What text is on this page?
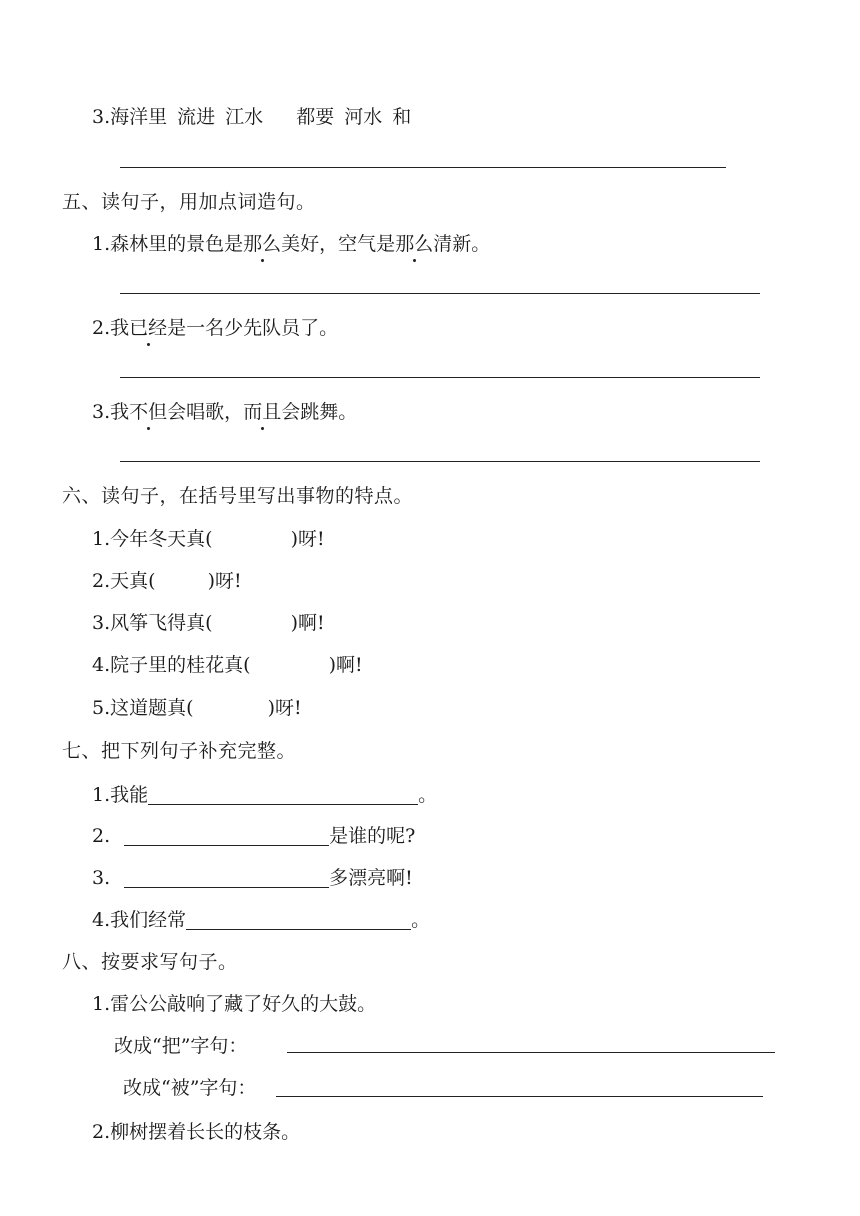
3.海洋里 流进 江水 都要 河水 和
五、读句子，用加点词造句。
1.森林里的景色是那么美好，空气是那么清新。
2.我已经是一名少先队员了。
3.我不但会唱歌，而且会跳舞。
六、读句子，在括号里写出事物的特点。
1.今年冬天真(	)呀!
2.天真(	)呀!
3.风筝飞得真(	)啊!
4.院子里的桂花真(	)啊!
5.这道题真(	)呀!
七、把下列句子补充完整。
1.我能	。
2.	是谁的呢?
3.	多漂亮啊!
4.我们经常	。
八、按要求写句子。
1.雷公公敲响了藏了好久的大鼓。
改成“把”字句：
改成“被”字句：
2.柳树摆着长长的枝条。
